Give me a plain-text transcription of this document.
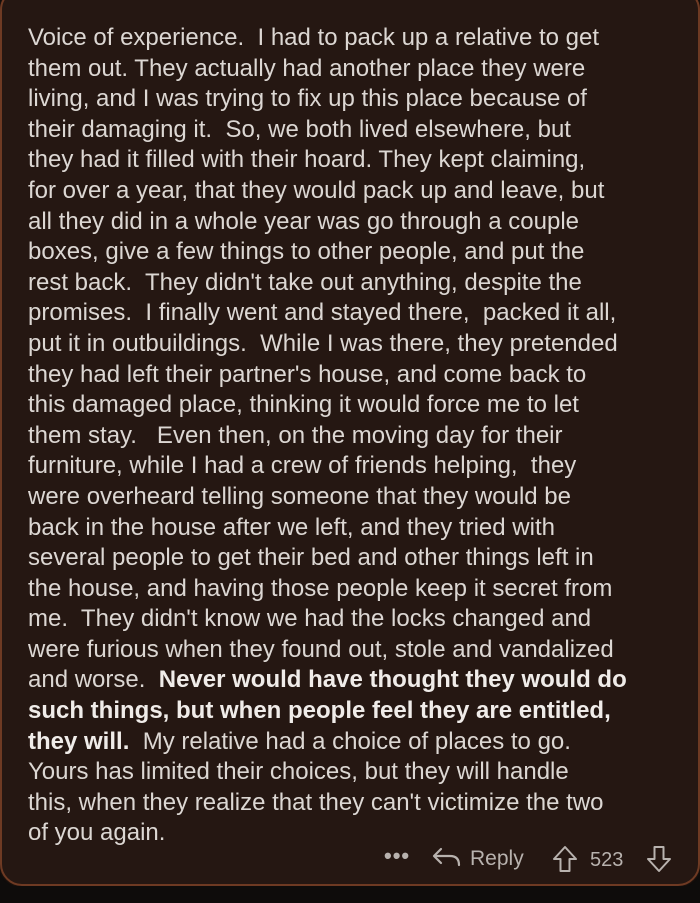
Voice of experience.  I had to pack up a relative to get
them out. They actually had another place they were
living, and I was trying to fix up this place because of
their damaging it.  So, we both lived elsewhere, but
they had it filled with their hoard. They kept claiming,
for over a year, that they would pack up and leave, but
all they did in a whole year was go through a couple
boxes, give a few things to other people, and put the
rest back.  They didn't take out anything, despite the
promises.  I finally went and stayed there,  packed it all,
put it in outbuildings.  While I was there, they pretended
they had left their partner's house, and come back to
this damaged place, thinking it would force me to let
them stay.   Even then, on the moving day for their
furniture, while I had a crew of friends helping,  they
were overheard telling someone that they would be
back in the house after we left, and they tried with
several people to get their bed and other things left in
the house, and having those people keep it secret from
me.  They didn't know we had the locks changed and
were furious when they found out, stole and vandalized
and worse.  Never would have thought they would do
such things, but when people feel they are entitled,
they will.  My relative had a choice of places to go.
Yours has limited their choices, but they will handle
this, when they realize that they can't victimize the two
of you again.
•••	Reply	523
